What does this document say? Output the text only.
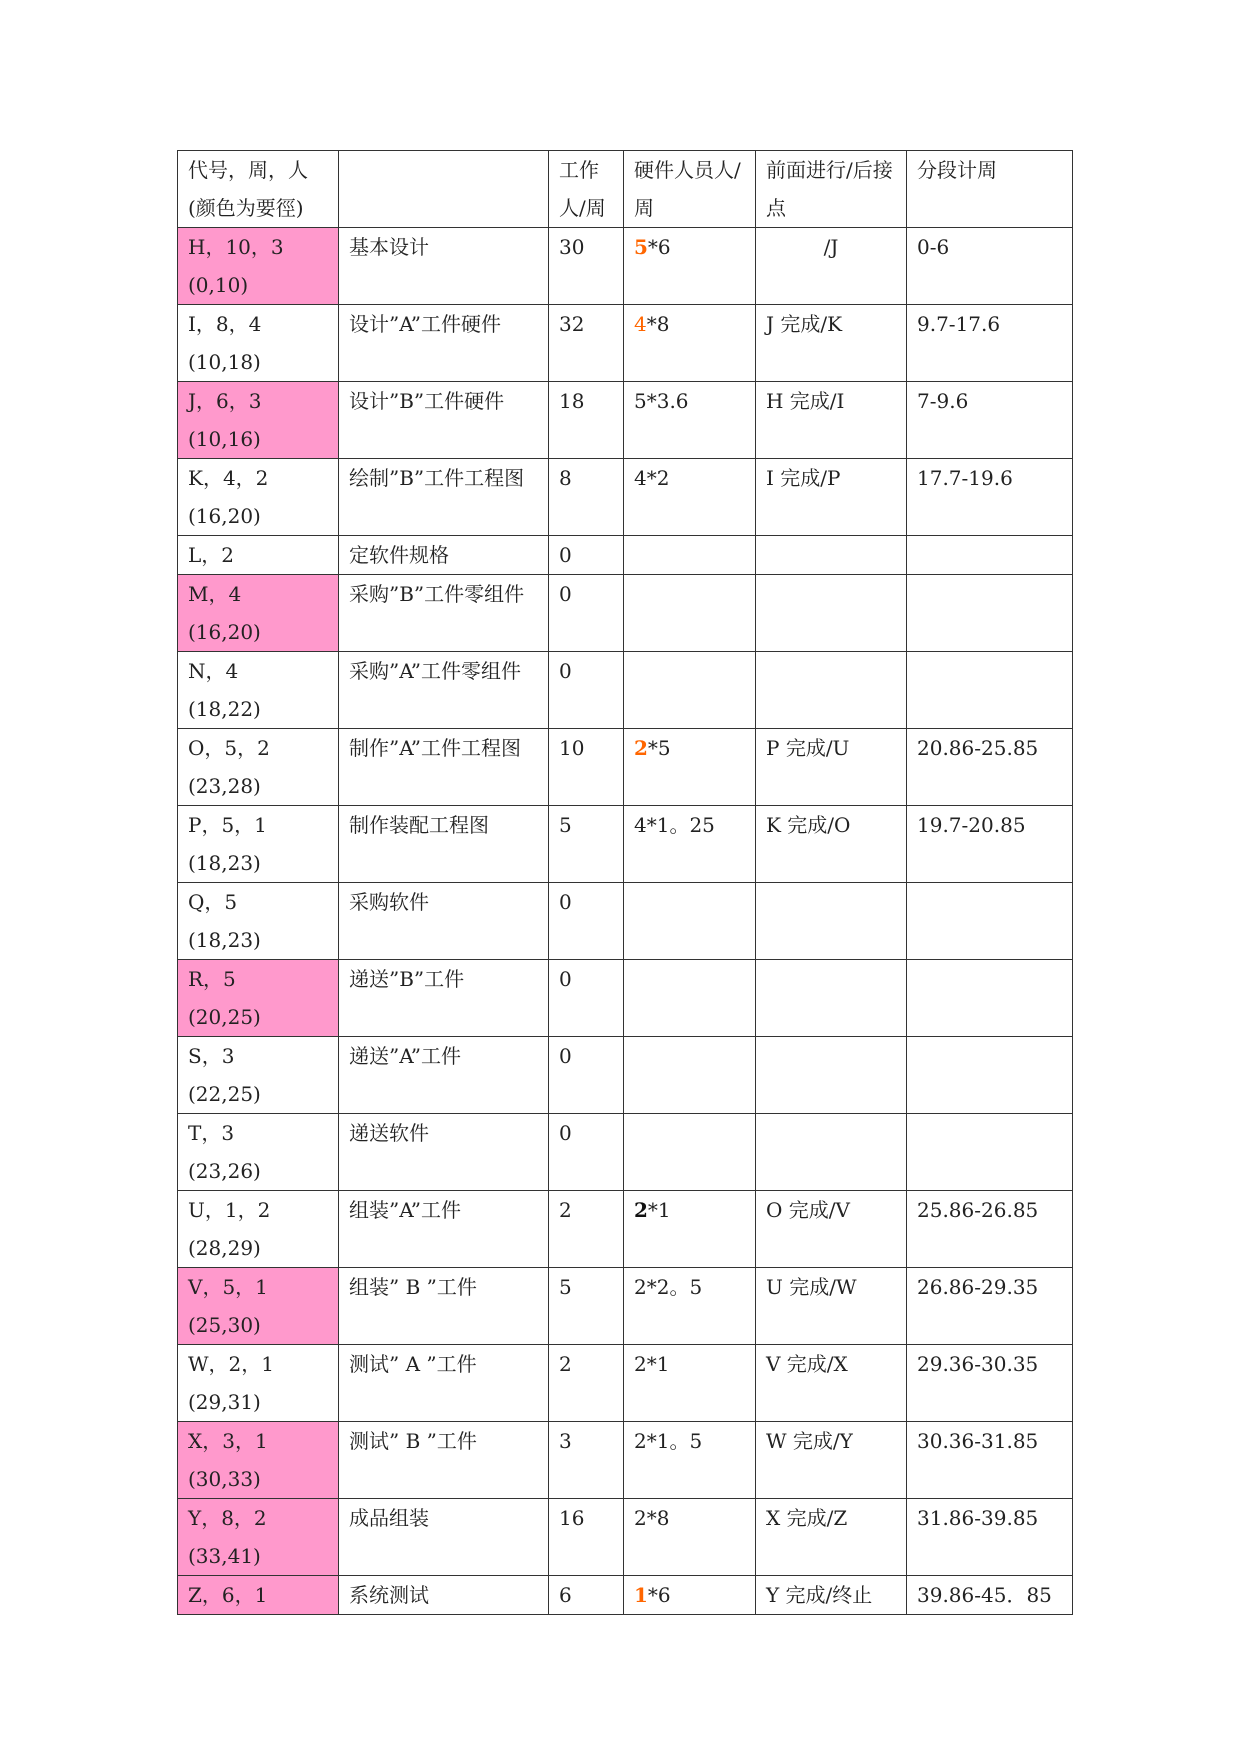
代号，周，人
(颜色为要徑)		工作人/周	硬件人员人/周	前面进行/后接点	分段计周
H，10，3
(0,10)	基本设计	30	5*6	/J	0-6
I，8，4
(10,18)	设计”A”工件硬件	32	4*8	J 完成/K	9.7-17.6
J，6，3
(10,16)	设计”B”工件硬件	18	5*3.6	H 完成/I	7-9.6
K，4，2
(16,20)	绘制”B”工件工程图	8	4*2	I 完成/P	17.7-19.6
L，2	定软件规格	0			
M，4
(16,20)	采购”B”工件零组件	0			
N，4
(18,22)	采购”A”工件零组件	0			
O，5，2
(23,28)	制作”A”工件工程图	10	2*5	P 完成/U	20.86-25.85
P，5，1
(18,23)	制作装配工程图	5	4*1。25	K 完成/O	19.7-20.85
Q，5
(18,23)	采购软件	0			
R，5
(20,25)	递送”B”工件	0			
S，3
(22,25)	递送”A”工件	0			
T，3
(23,26)	递送软件	0			
U，1，2
(28,29)	组装”A”工件	2	2*1	O 完成/V	25.86-26.85
V，5，1
(25,30)	组装” B ”工件	5	2*2。5	U 完成/W	26.86-29.35
W，2，1
(29,31)	测试” A ”工件	2	2*1	V 完成/X	29.36-30.35
X，3，1
(30,33)	测试” B ”工件	3	2*1。5	W 完成/Y	30.36-31.85
Y，8，2
(33,41)	成品组装	16	2*8	X 完成/Z	31.86-39.85
Z，6，1	系统测试	6	1*6	Y 完成/终止	39.86-45．85
